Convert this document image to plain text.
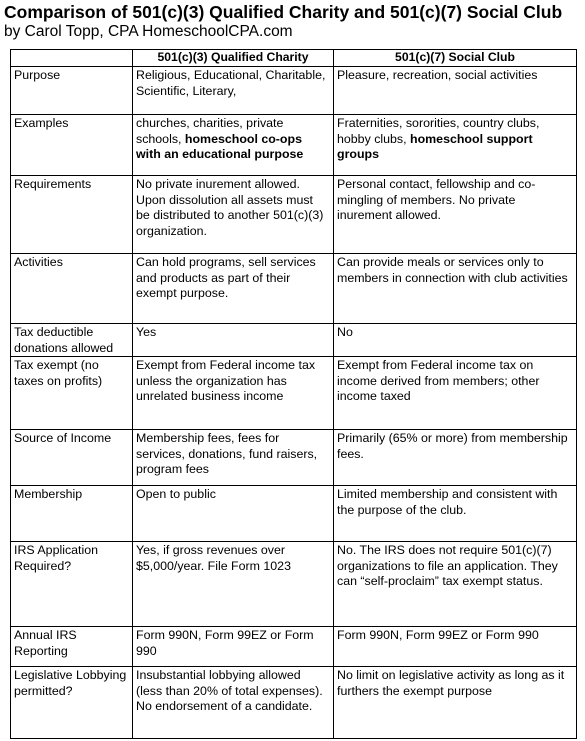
Comparison of 501(c)(3) Qualified Charity and 501(c)(7) Social Club

by Carol Topp, CPA HomeschoolCPA.com

	501(c)(3) Qualified Charity	501(c)(7) Social Club
Purpose	Religious, Educational, Charitable, Scientific, Literary,	Pleasure, recreation, social activities
Examples	churches, charities, private schools, homeschool co-ops with an educational purpose	Fraternities, sororities, country clubs, hobby clubs, homeschool support groups
Requirements	No private inurement allowed. Upon dissolution all assets must be distributed to another 501(c)(3) organization.	Personal contact, fellowship and co-mingling of members. No private inurement allowed.
Activities	Can hold programs, sell services and products as part of their exempt purpose.	Can provide meals or services only to members in connection with club activities
Tax deductible donations allowed	Yes	No
Tax exempt (no taxes on profits)	Exempt from Federal income tax unless the organization has unrelated business income	Exempt from Federal income tax on income derived from members; other income taxed
Source of Income	Membership fees, fees for services, donations, fund raisers, program fees	Primarily (65% or more) from membership fees.
Membership	Open to public	Limited membership and consistent with the purpose of the club.
IRS Application Required?	Yes, if gross revenues over $5,000/year. File Form 1023	No. The IRS does not require 501(c)(7) organizations to file an application. They can “self-proclaim” tax exempt status.
Annual IRS Reporting	Form 990N, Form 99EZ or Form 990	Form 990N, Form 99EZ or Form 990
Legislative Lobbying permitted?	Insubstantial lobbying allowed (less than 20% of total expenses). No endorsement of a candidate.	No limit on legislative activity as long as it furthers the exempt purpose
